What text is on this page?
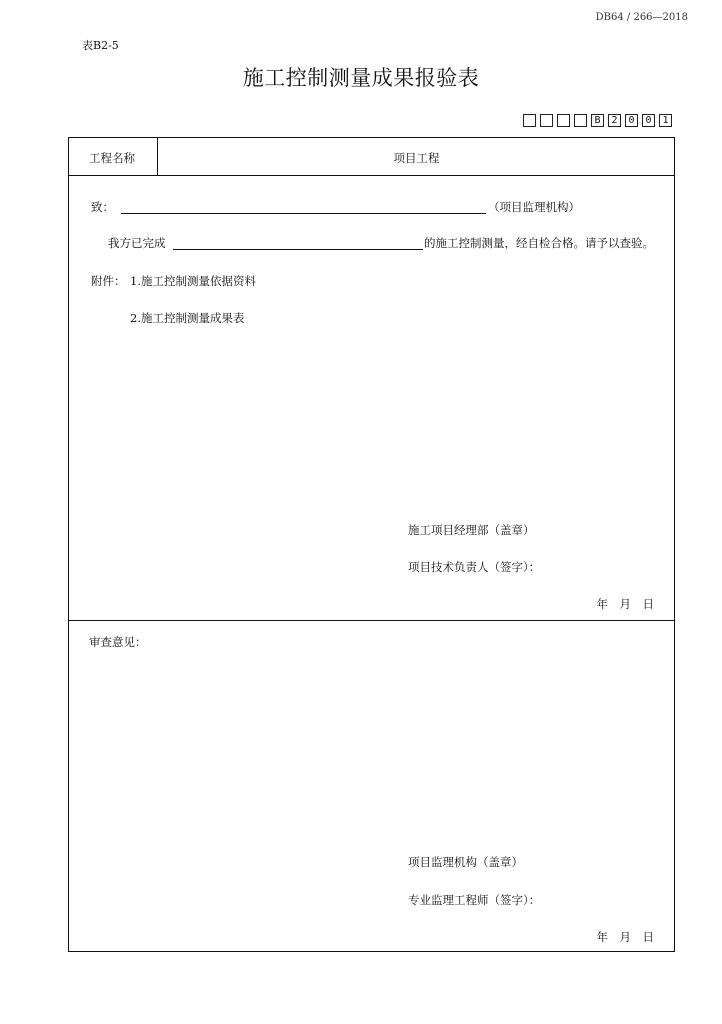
DB64 / 266—2018
表B2-5
施工控制测量成果报验表
B	2	0	0	1
工程名称	项目工程
致：	（项目监理机构）
我方已完成	的施工控制测量，经自检合格。请予以查验。
附件： 1.施工控制测量依据资料
2.施工控制测量成果表
施工项目经理部（盖章）
项目技术负责人（签字）：
年　月　日
审查意见：
项目监理机构（盖章）
专业监理工程师（签字）：
年　月　日
